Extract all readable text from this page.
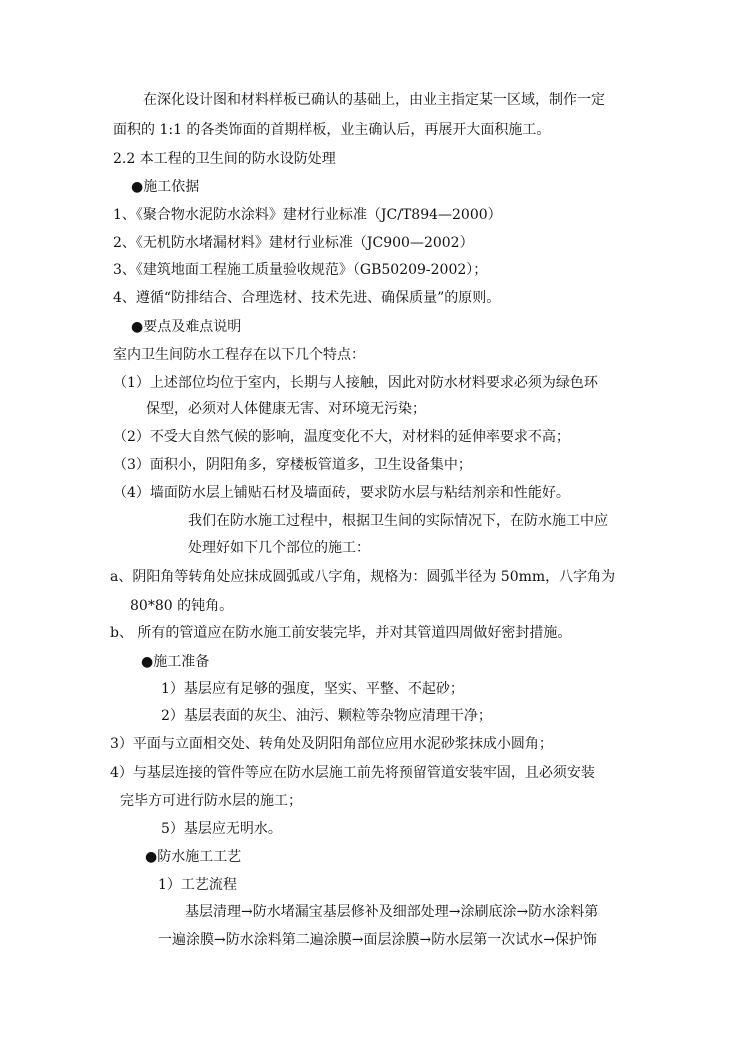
在深化设计图和材料样板已确认的基础上，由业主指定某一区域，制作一定
面积的 1:1 的各类饰面的首期样板，业主确认后，再展开大面积施工。
2.2 本工程的卫生间的防水设防处理
●施工依据
1、《聚合物水泥防水涂料》建材行业标准（JC/T894—2000）
2、《无机防水堵漏材料》建材行业标准（JC900—2002）
3、《建筑地面工程施工质量验收规范》（GB50209-2002）；
4、遵循“防排结合、合理选材、技术先进、确保质量”的原则。
●要点及难点说明
室内卫生间防水工程存在以下几个特点：
（1）上述部位均位于室内，长期与人接触，因此对防水材料要求必须为绿色环
保型，必须对人体健康无害、对环境无污染；
（2）不受大自然气候的影响，温度变化不大，对材料的延伸率要求不高；
（3）面积小，阴阳角多，穿楼板管道多，卫生设备集中；
（4）墙面防水层上铺贴石材及墙面砖，要求防水层与粘结剂亲和性能好。
我们在防水施工过程中，根据卫生间的实际情况下，在防水施工中应
处理好如下几个部位的施工：
a、阴阳角等转角处应抹成圆弧或八字角，规格为：圆弧半径为 50mm，八字角为
80*80 的钝角。
b、 所有的管道应在防水施工前安装完毕，并对其管道四周做好密封措施。
●施工准备
1）基层应有足够的强度，坚实、平整、不起砂；
2）基层表面的灰尘、油污、颗粒等杂物应清理干净；
3）平面与立面相交处、转角处及阴阳角部位应用水泥砂浆抹成小圆角；
4）与基层连接的管件等应在防水层施工前先将预留管道安装牢固，且必须安装
完毕方可进行防水层的施工；
5）基层应无明水。
●防水施工工艺
1）工艺流程
基层清理→防水堵漏宝基层修补及细部处理→涂刷底涂→防水涂料第
一遍涂膜→防水涂料第二遍涂膜→面层涂膜→防水层第一次试水→保护饰
